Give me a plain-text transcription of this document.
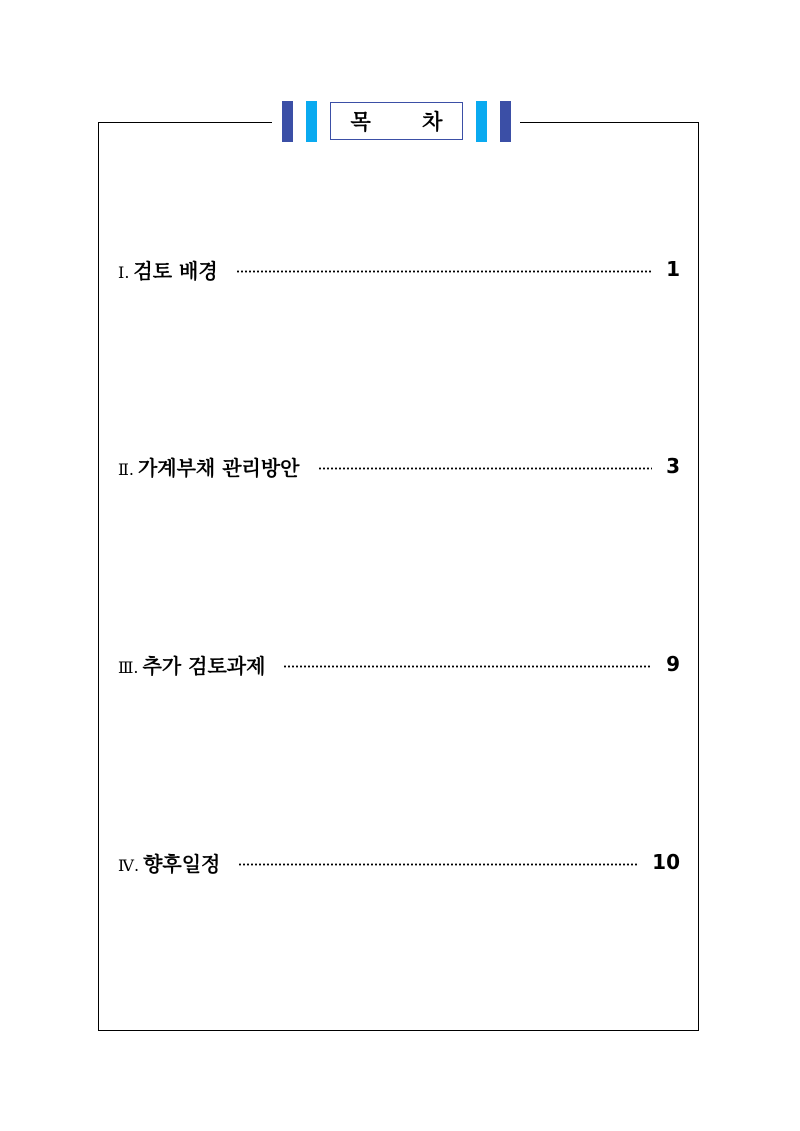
목 차
Ⅰ. 검토 배경	1
Ⅱ. 가계부채 관리방안	3
Ⅲ. 추가 검토과제	9
Ⅳ. 향후일정	10
